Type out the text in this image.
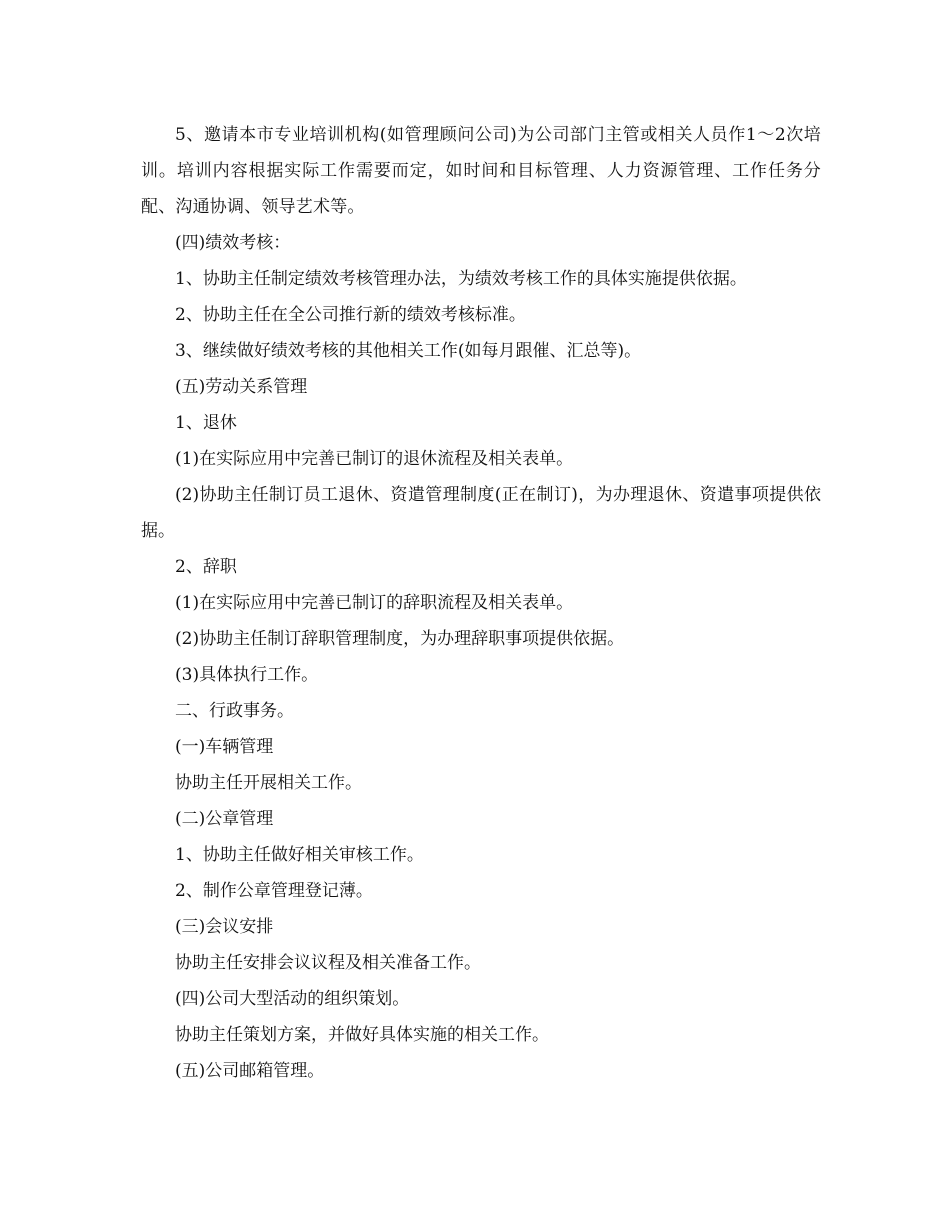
5、邀请本市专业培训机构(如管理顾问公司)为公司部门主管或相关人员作1～2次培训。培训内容根据实际工作需要而定，如时间和目标管理、人力资源管理、工作任务分配、沟通协调、领导艺术等。

(四)绩效考核：

1、协助主任制定绩效考核管理办法，为绩效考核工作的具体实施提供依据。

2、协助主任在全公司推行新的绩效考核标准。

3、继续做好绩效考核的其他相关工作(如每月跟催、汇总等)。

(五)劳动关系管理

1、退休

(1)在实际应用中完善已制订的退休流程及相关表单。

(2)协助主任制订员工退休、资遣管理制度(正在制订)，为办理退休、资遣事项提供依据。

2、辞职

(1)在实际应用中完善已制订的辞职流程及相关表单。

(2)协助主任制订辞职管理制度，为办理辞职事项提供依据。

(3)具体执行工作。

二、行政事务。

(一)车辆管理

协助主任开展相关工作。

(二)公章管理

1、协助主任做好相关审核工作。

2、制作公章管理登记薄。

(三)会议安排

协助主任安排会议议程及相关准备工作。

(四)公司大型活动的组织策划。

协助主任策划方案，并做好具体实施的相关工作。

(五)公司邮箱管理。
